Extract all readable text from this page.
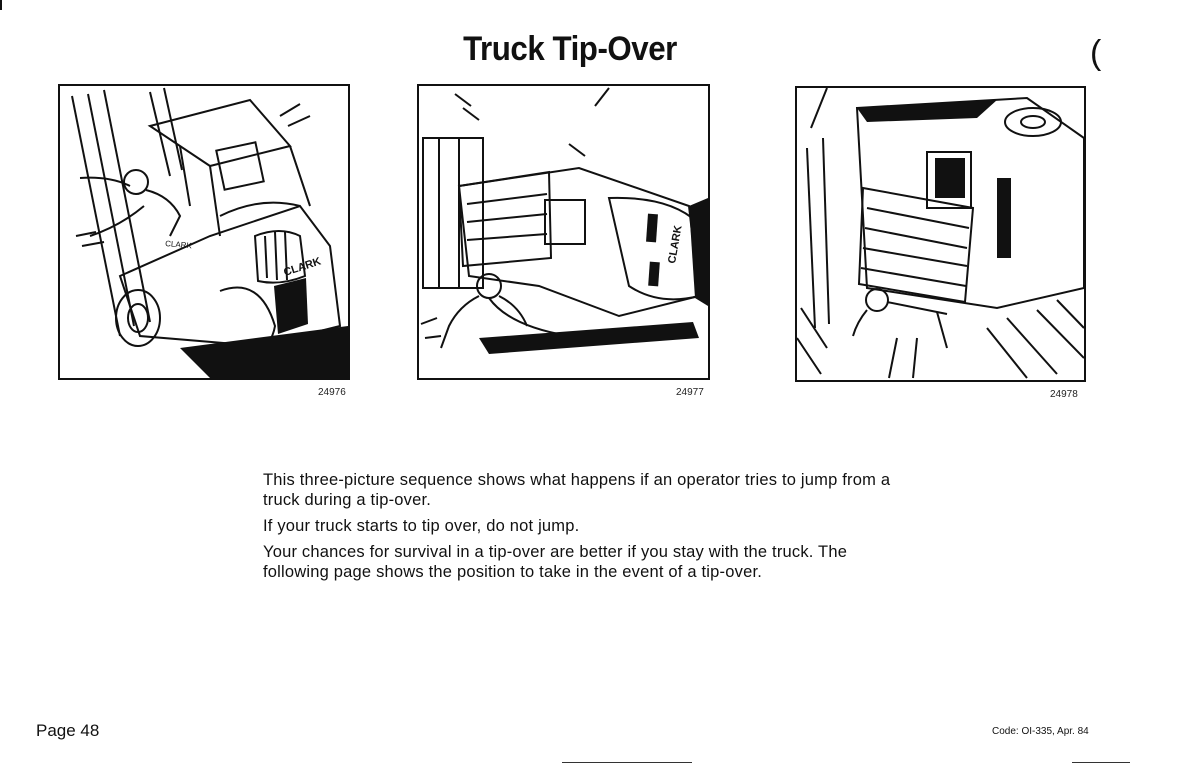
Truck Tip-Over	(
CLARK
CLARK
24976
CLARK
24977	24978

This three-picture sequence shows what happens if an operator tries to jump from a truck during a tip-over.

If your truck starts to tip over, do not jump.

Your chances for survival in a tip-over are better if you stay with the truck. The following page shows the position to take in the event of a tip-over.

Page 48	Code: OI-335, Apr. 84
